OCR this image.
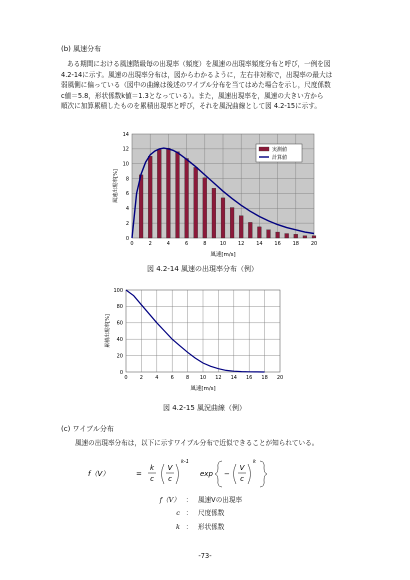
(b) 風速分布
ある期間における風速階級毎の出現率（頻度）を風速の出現率頻度分布と呼び，一例を図
4.2-14に示す。風速の出現率分布は，図からわかるように，左右非対称で，出現率の最大は
弱風側に偏っている（図中の曲線は後述のワイブル分布を当てはめた場合を示し，尺度係数
c値＝5.8，形状係数k値＝1.3となっている）。また，風速出現率を，風速の大きい方から
順次に加算累積したものを累積出現率と呼び，それを風況曲線として図 4.2-15に示す。
0	2	4	6	8	10 12 14 16 18 20
0
2
4
6
8
10
12
14
風速出現率[%]
風速[m/s]
実測値
計算値
図 4.2-14 風速の出現率分布（例）
0 2 4 6 8 10 12 14 16 18 20
0
20
40
60
80
100
累積出現率[%]
風速[m/s]
図 4.2-15 風況曲線（例）
(c) ワイブル分布
風速の出現率分布は，以下に示すワイブル分布で近似できることが知られている。
f（V）	=
k
c
V
c
k-1
exp −
V
c
k
f（V） ： 風速Vの出現率
c ： 尺度係数
k ： 形状係数
-73-
